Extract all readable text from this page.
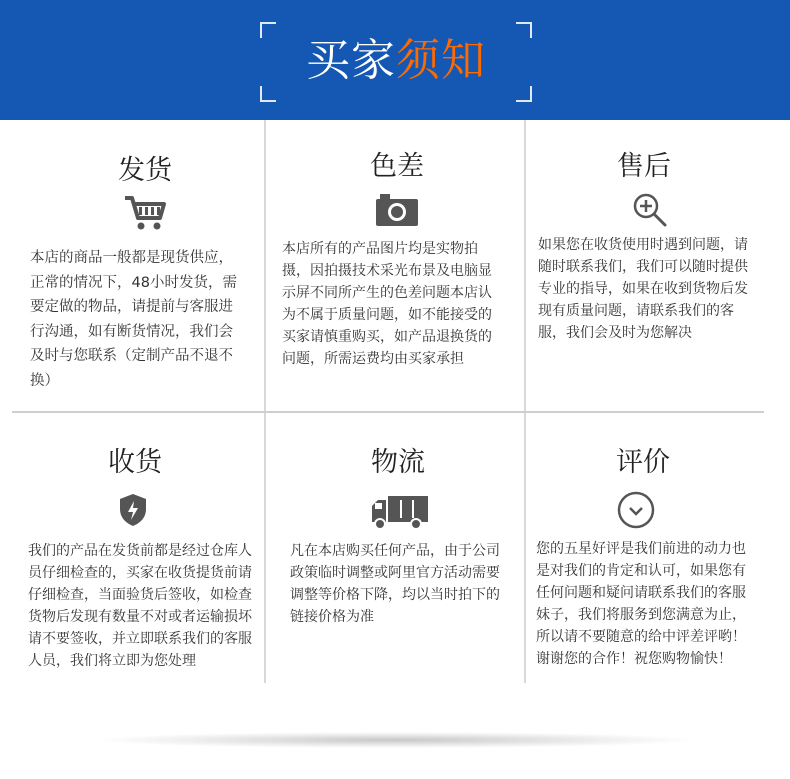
买家须知
发货

本店的商品一般都是现货供应，正常的情况下，48小时发货，需要定做的物品，请提前与客服进行沟通，如有断货情况，我们会及时与您联系（定制产品不退不换）

色差

本店所有的产品图片均是实物拍摄，因拍摄技术采光布景及电脑显示屏不同所产生的色差问题本店认为不属于质量问题，如不能接受的买家请慎重购买，如产品退换货的问题，所需运费均由买家承担

售后

如果您在收货使用时遇到问题，请随时联系我们，我们可以随时提供专业的指导，如果在收到货物后发现有质量问题，请联系我们的客服，我们会及时为您解决

收货

我们的产品在发货前都是经过仓库人员仔细检查的，买家在收货提货前请仔细检查，当面验货后签收，如检查货物后发现有数量不对或者运输损坏请不要签收，并立即联系我们的客服人员，我们将立即为您处理

物流

凡在本店购买任何产品，由于公司政策临时调整或阿里官方活动需要调整等价格下降，均以当时拍下的链接价格为准

评价

您的五星好评是我们前进的动力也是对我们的肯定和认可，如果您有任何问题和疑问请联系我们的客服妹子，我们将服务到您满意为止，所以请不要随意的给中评差评哟！谢谢您的合作！祝您购物愉快！
